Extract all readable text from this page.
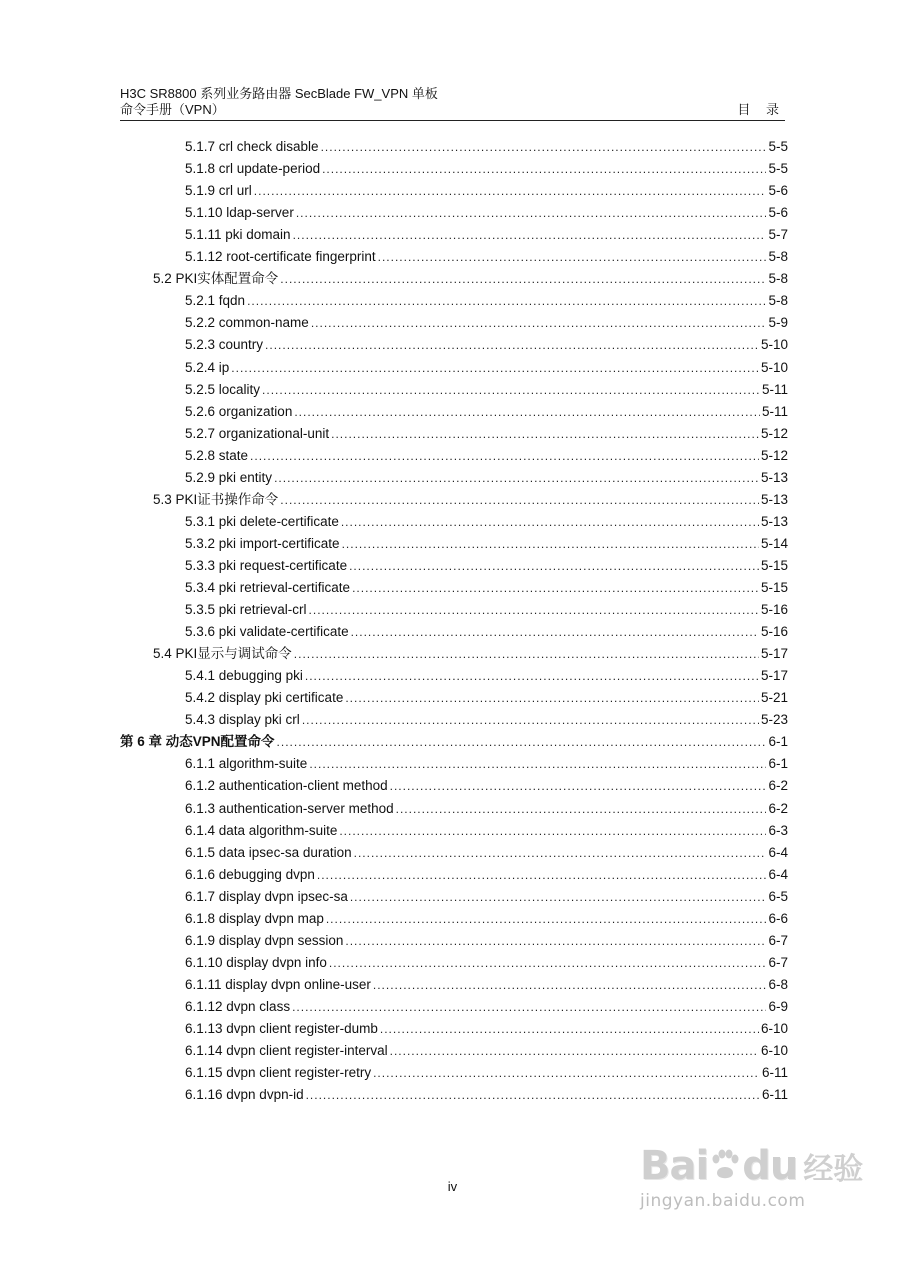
H3C SR8800 系列业务路由器 SecBlade FW_VPN 单板
命令手册（VPN）	目 录
5.1.7 crl check disable .....	5-5
5.1.8 crl update-period .....	5-5
5.1.9 crl url .....	5-6
5.1.10 ldap-server .....	5-6
5.1.11 pki domain .....	5-7
5.1.12 root-certificate fingerprint .....	5-8
5.2 PKI实体配置命令 .....	5-8
5.2.1 fqdn .....	5-8
5.2.2 common-name .....	5-9
5.2.3 country .....	5-10
5.2.4 ip .....	5-10
5.2.5 locality .....	5-11
5.2.6 organization .....	5-11
5.2.7 organizational-unit .....	5-12
5.2.8 state .....	5-12
5.2.9 pki entity .....	5-13
5.3 PKI证书操作命令 .....	5-13
5.3.1 pki delete-certificate .....	5-13
5.3.2 pki import-certificate .....	5-14
5.3.3 pki request-certificate .....	5-15
5.3.4 pki retrieval-certificate .....	5-15
5.3.5 pki retrieval-crl .....	5-16
5.3.6 pki validate-certificate .....	5-16
5.4 PKI显示与调试命令 .....	5-17
5.4.1 debugging pki .....	5-17
5.4.2 display pki certificate .....	5-21
5.4.3 display pki crl .....	5-23
第 6 章 动态VPN配置命令 .....	6-1
6.1.1 algorithm-suite .....	6-1
6.1.2 authentication-client method .....	6-2
6.1.3 authentication-server method .....	6-2
6.1.4 data algorithm-suite .....	6-3
6.1.5 data ipsec-sa duration .....	6-4
6.1.6 debugging dvpn .....	6-4
6.1.7 display dvpn ipsec-sa .....	6-5
6.1.8 display dvpn map .....	6-6
6.1.9 display dvpn session .....	6-7
6.1.10 display dvpn info .....	6-7
6.1.11 display dvpn online-user .....	6-8
6.1.12 dvpn class .....	6-9
6.1.13 dvpn client register-dumb .....	6-10
6.1.14 dvpn client register-interval .....	6-10
6.1.15 dvpn client register-retry .....	6-11
6.1.16 dvpn dvpn-id .....	6-11
iv	Bai du 经验
jingyan.baidu.com
